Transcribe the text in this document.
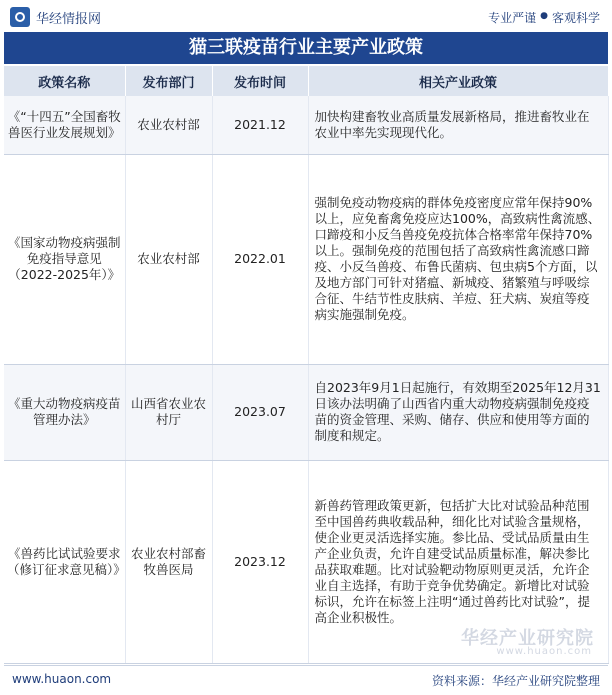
华经情报网	专业严谨 ● 客观科学
猫三联疫苗行业主要产业政策
政策名称	发布部门	发布时间	相关产业政策
《“十四五”全国畜牧兽医行业发展规划》	农业农村部	2021.12	加快构建畜牧业高质量发展新格局，推进畜牧业在农业中率先实现现代化。
《国家动物疫病强制免疫指导意见（2022-2025年）》	农业农村部	2022.01	强制免疫动物疫病的群体免疫密度应常年保持90%以上，应免畜禽免疫应达100%，高致病性禽流感、口蹄疫和小反刍兽疫免疫抗体合格率常年保持70%以上。强制免疫的范围包括了高致病性禽流感口蹄疫、小反刍兽疫、布鲁氏菌病、包虫病5个方面，以及地方部门可针对猪瘟、新城疫、猪繁殖与呼吸综合征、牛结节性皮肤病、羊痘、狂犬病、炭疽等疫病实施强制免疫。
《重大动物疫病疫苗管理办法》	山西省农业农村厅	2023.07	自2023年9月1日起施行，有效期至2025年12月31日该办法明确了山西省内重大动物疫病强制免疫疫苗的资金管理、采购、储存、供应和使用等方面的制度和规定。
《兽药比试试验要求（修订征求意见稿）》	农业农村部畜牧兽医局	2023.12	新兽药管理政策更新，包括扩大比对试验品种范围至中国兽药典收载品种，细化比对试验含量规格，使企业更灵活选择实施。参比品、受试品质量由生产企业负责，允许自建受试品质量标准，解决参比品获取难题。比对试验靶动物原则更灵活，允许企业自主选择，有助于竞争优势确定。新增比对试验标识，允许在标签上注明“通过兽药比对试验”，提高企业积极性。
华经产业研究院
www.huaon.com
www.huaon.com	资料来源：华经产业研究院整理
